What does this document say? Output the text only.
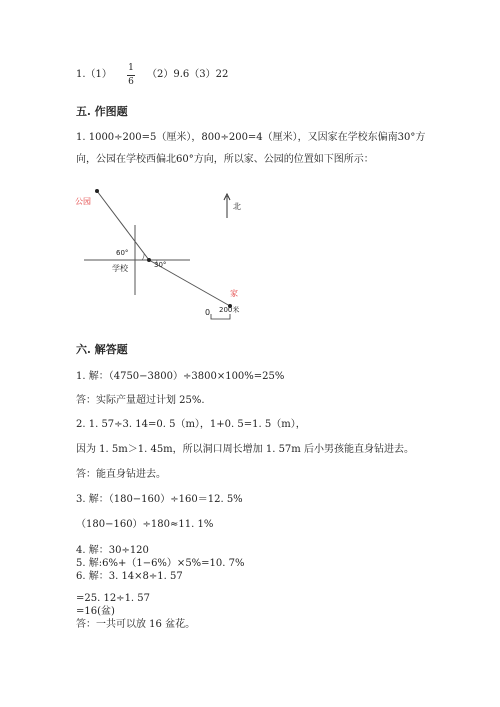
1.（1）
1
6
（2）9.6（3）22
五. 作图题
1. 1000÷200=5（厘米），800÷200=4（厘米），又因家在学校东偏南30°方
向，公园在学校西偏北60°方向，所以家、公园的位置如下图所示：
公园
北
60°
30°
学校
家
0 200米
六. 解答题
1. 解：（4750−3800）÷3800×100%=25%
答：实际产量超过计划 25%.
2. 1. 57÷3. 14=0. 5（m），1+0. 5=1. 5（m），
因为 1. 5m＞1. 45m，所以洞口周长增加 1. 57m 后小男孩能直身钻进去。
答：能直身钻进去。
3. 解：（180−160）÷160＝12. 5%
（180−160）÷180≈11. 1%
4. 解：30÷120
5. 解:6%+（1−6%）×5%=10. 7%
6. 解：3. 14×8÷1. 57
=25. 12÷1. 57
=16(盆)
答：一共可以放 16 盆花。
